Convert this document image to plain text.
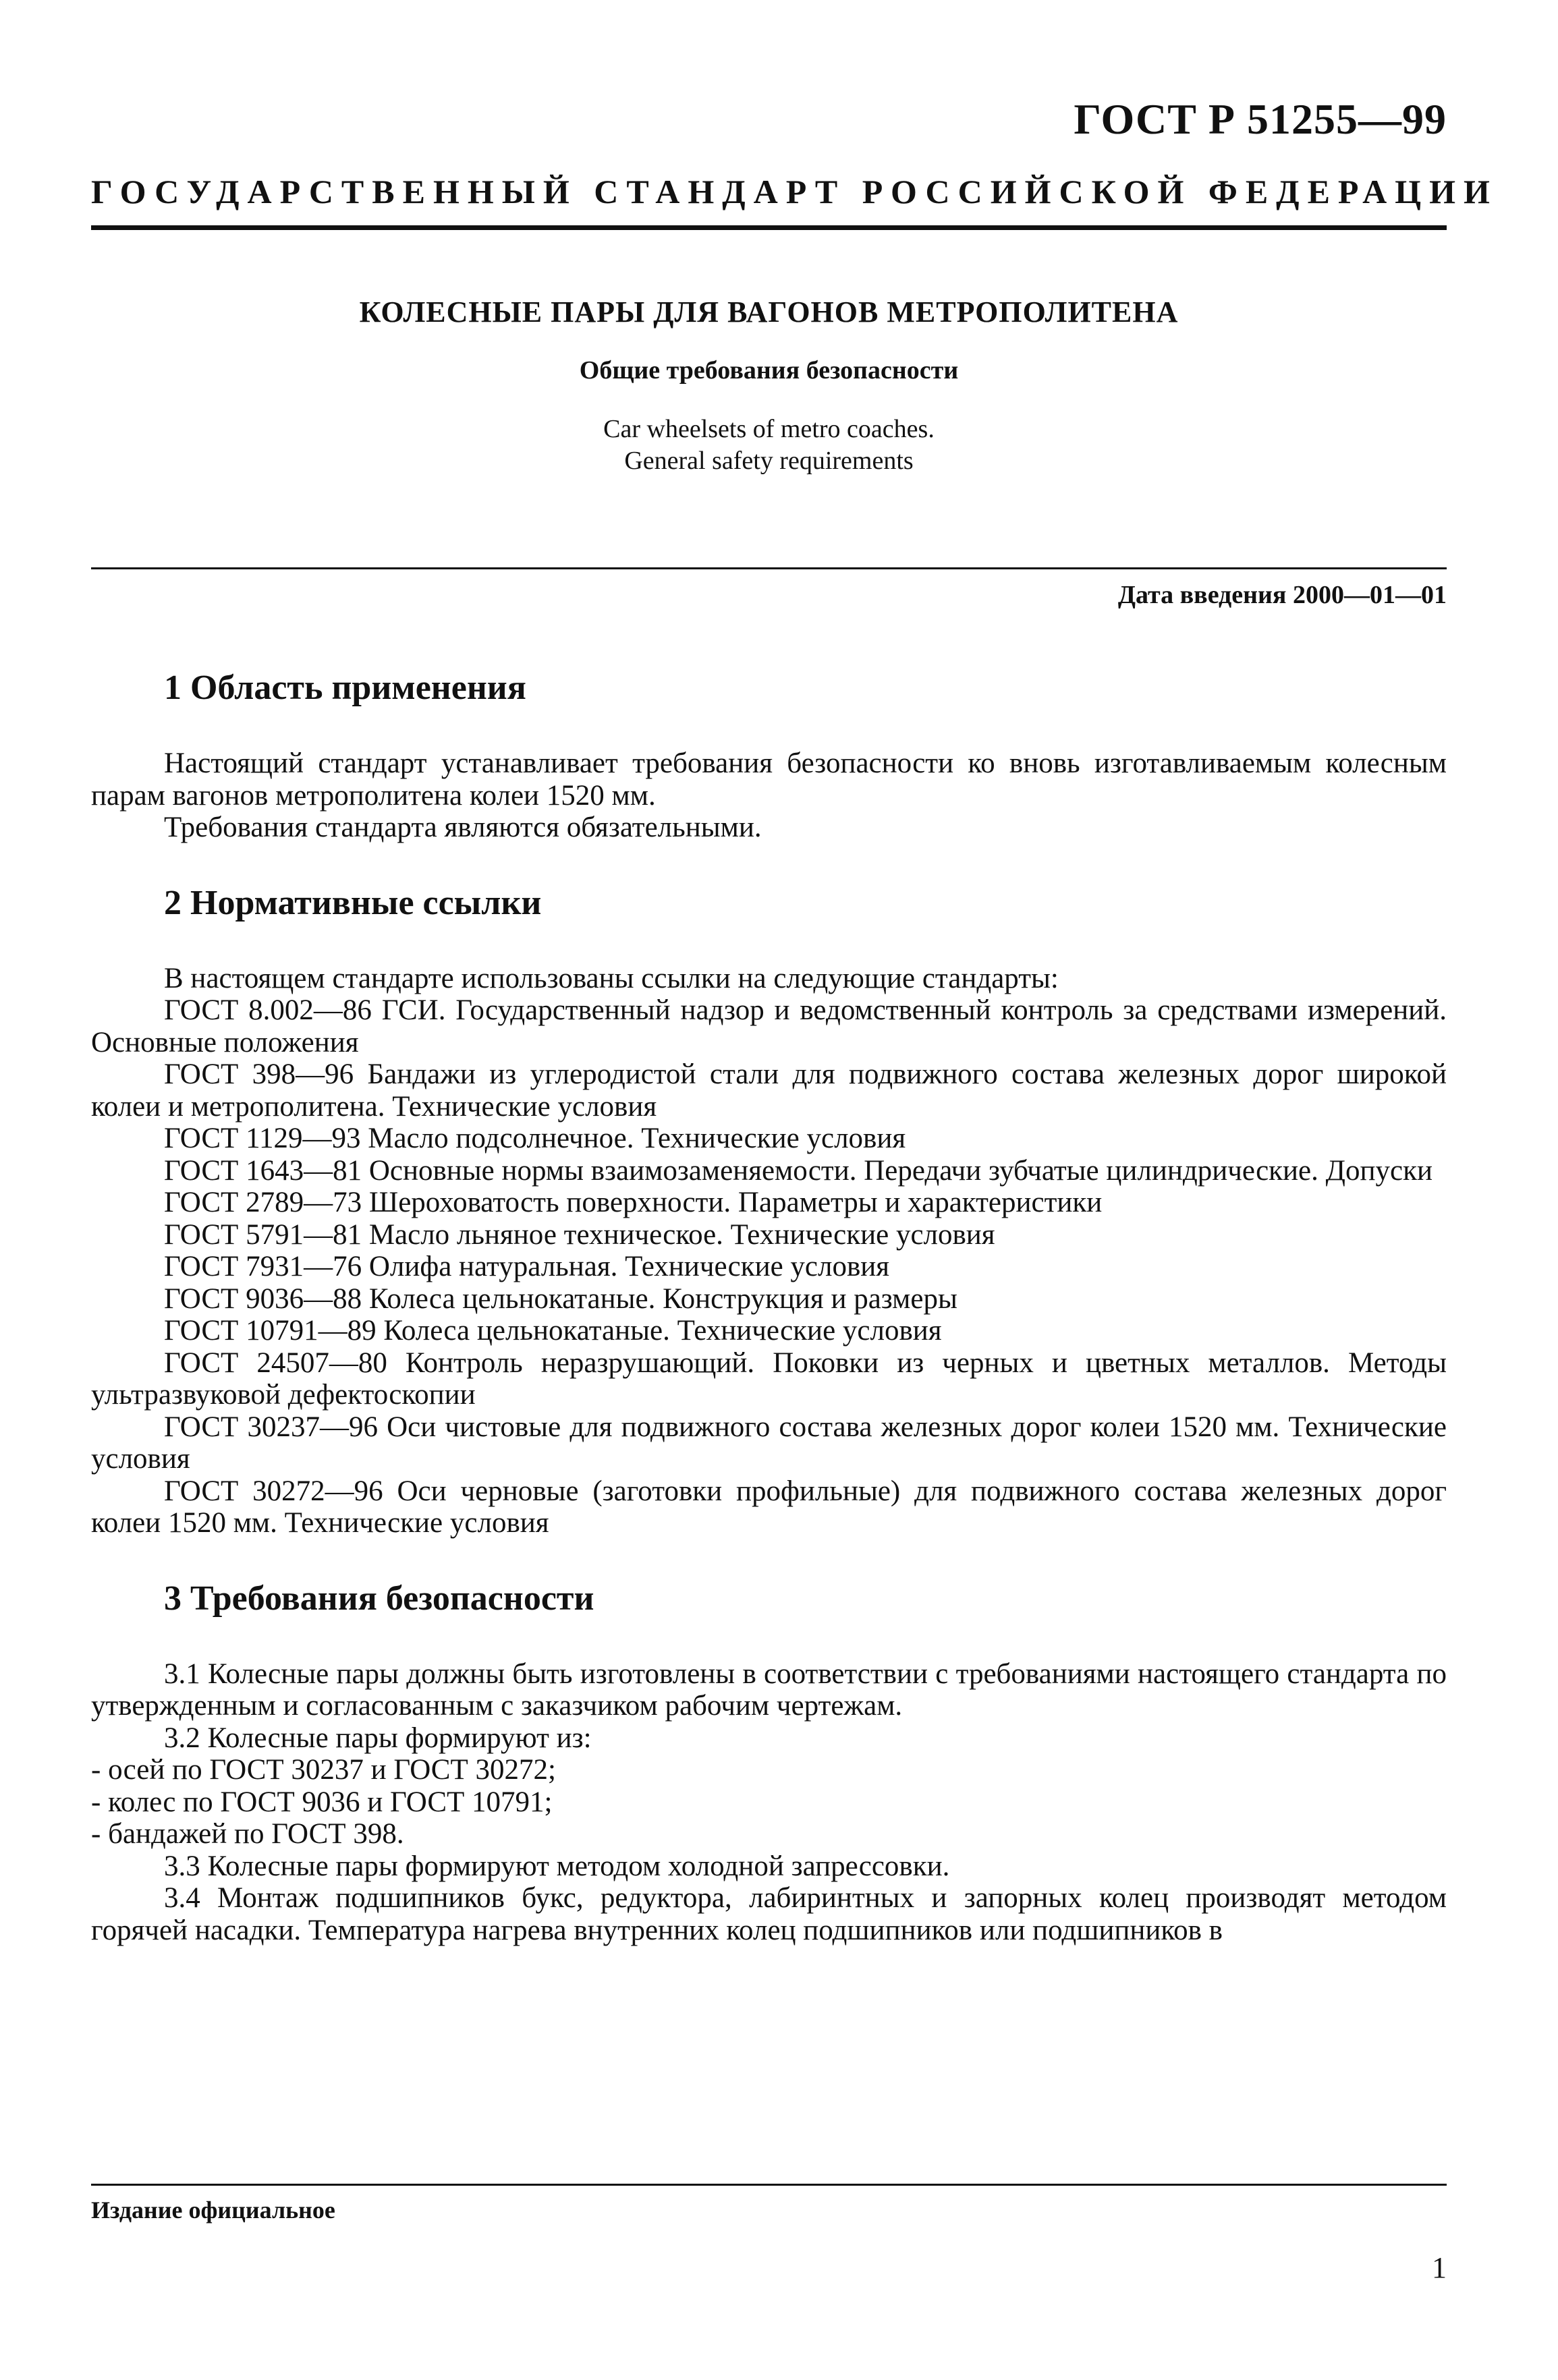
ГОСТ Р 51255—99
ГОСУДАРСТВЕННЫЙ СТАНДАРТ РОССИЙСКОЙ ФЕДЕРАЦИИ
КОЛЕСНЫЕ ПАРЫ ДЛЯ ВАГОНОВ МЕТРОПОЛИТЕНА
Общие требования безопасности
Car wheelsets of metro coaches.
General safety requirements
Дата введения 2000—01—01
1 Область применения

Настоящий стандарт устанавливает требования безопасности ко вновь изготавливаемым колесным парам вагонов метрополитена колеи 1520 мм.

Требования стандарта являются обязательными.

2 Нормативные ссылки

В настоящем стандарте использованы ссылки на следующие стандарты:

ГОСТ 8.002—86 ГСИ. Государственный надзор и ведомственный контроль за средствами измерений. Основные положения

ГОСТ 398—96 Бандажи из углеродистой стали для подвижного состава железных дорог широкой колеи и метрополитена. Технические условия

ГОСТ 1129—93 Масло подсолнечное. Технические условия

ГОСТ 1643—81 Основные нормы взаимозаменяемости. Передачи зубчатые цилиндрические. Допуски

ГОСТ 2789—73 Шероховатость поверхности. Параметры и характеристики

ГОСТ 5791—81 Масло льняное техническое. Технические условия

ГОСТ 7931—76 Олифа натуральная. Технические условия

ГОСТ 9036—88 Колеса цельнокатаные. Конструкция и размеры

ГОСТ 10791—89 Колеса цельнокатаные. Технические условия

ГОСТ 24507—80 Контроль неразрушающий. Поковки из черных и цветных металлов. Методы ультразвуковой дефектоскопии

ГОСТ 30237—96 Оси чистовые для подвижного состава железных дорог колеи 1520 мм. Технические условия

ГОСТ 30272—96 Оси черновые (заготовки профильные) для подвижного состава железных дорог колеи 1520 мм. Технические условия

3 Требования безопасности

3.1 Колесные пары должны быть изготовлены в соответствии с требованиями настоящего стандарта по утвержденным и согласованным с заказчиком рабочим чертежам.

3.2 Колесные пары формируют из:

- осей по ГОСТ 30237 и ГОСТ 30272;

- колес по ГОСТ 9036 и ГОСТ 10791;

- бандажей по ГОСТ 398.

3.3 Колесные пары формируют методом холодной запрессовки.

3.4 Монтаж подшипников букс, редуктора, лабиринтных и запорных колец производят методом горячей насадки. Температура нагрева внутренних колец подшипников или подшипников в

Издание официальное
1
